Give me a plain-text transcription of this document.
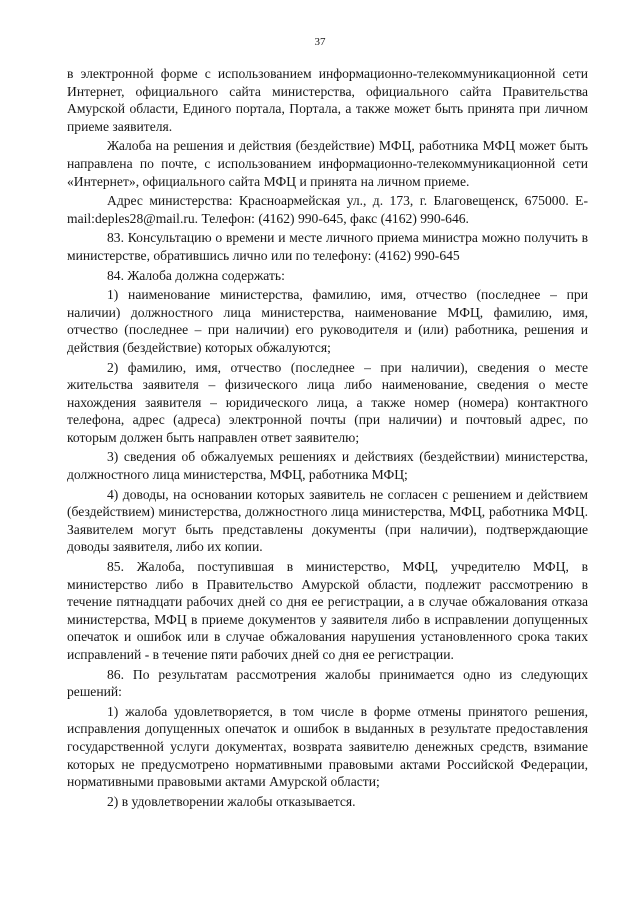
37

в электронной форме с использованием информационно-телекоммуникационной сети Интернет, официального сайта министерства, официального сайта Правительства Амурской области, Единого портала, Портала, а также может быть принята при личном приеме заявителя.

Жалоба на решения и действия (бездействие) МФЦ, работника МФЦ может быть направлена по почте, с использованием информационно-телекоммуникационной сети «Интернет», официального сайта МФЦ и принята на личном приеме.

Адрес министерства: Красноармейская ул., д. 173, г. Благовещенск, 675000. E-mail:deples28@mail.ru. Телефон: (4162) 990-645, факс (4162) 990-646.

83. Консультацию о времени и месте личного приема министра можно получить в министерстве, обратившись лично или по телефону: (4162) 990-645

84. Жалоба должна содержать:

1) наименование министерства, фамилию, имя, отчество (последнее – при наличии) должностного лица министерства, наименование МФЦ, фамилию, имя, отчество (последнее – при наличии) его руководителя и (или) работника, решения и действия (бездействие) которых обжалуются;

2) фамилию, имя, отчество (последнее – при наличии), сведения о месте жительства заявителя – физического лица либо наименование, сведения о месте нахождения заявителя – юридического лица, а также номер (номера) контактного телефона, адрес (адреса) электронной почты (при наличии) и почтовый адрес, по которым должен быть направлен ответ заявителю;

3) сведения об обжалуемых решениях и действиях (бездействии) министерства, должностного лица министерства, МФЦ, работника МФЦ;

4) доводы, на основании которых заявитель не согласен с решением и действием (бездействием) министерства, должностного лица министерства, МФЦ, работника МФЦ. Заявителем могут быть представлены документы (при наличии), подтверждающие доводы заявителя, либо их копии.

85. Жалоба, поступившая в министерство, МФЦ, учредителю МФЦ, в министерство либо в Правительство Амурской области, подлежит рассмотрению в течение пятнадцати рабочих дней со дня ее регистрации, а в случае обжалования отказа министерства, МФЦ в приеме документов у заявителя либо в исправлении допущенных опечаток и ошибок или в случае обжалования нарушения установленного срока таких исправлений - в течение пяти рабочих дней со дня ее регистрации.

86. По результатам рассмотрения жалобы принимается одно из следующих решений:

1) жалоба удовлетворяется, в том числе в форме отмены принятого решения, исправления допущенных опечаток и ошибок в выданных в результате предоставления государственной услуги документах, возврата заявителю денежных средств, взимание которых не предусмотрено нормативными правовыми актами Российской Федерации, нормативными правовыми актами Амурской области;

2) в удовлетворении жалобы отказывается.
